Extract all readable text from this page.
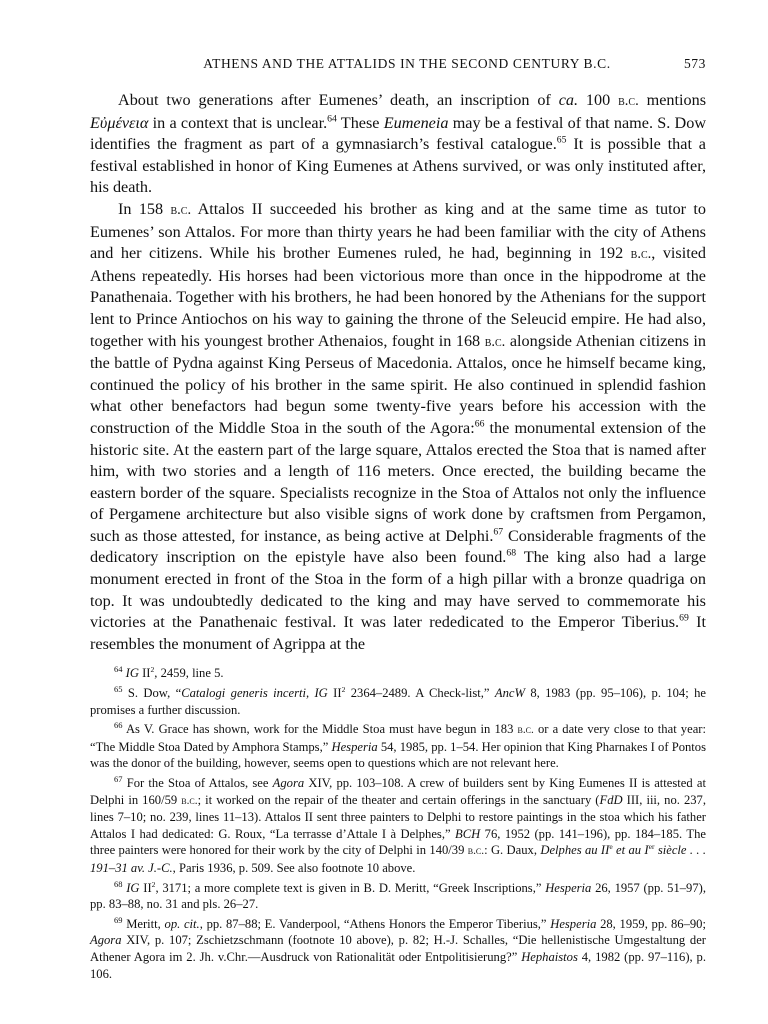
ATHENS AND THE ATTALIDS IN THE SECOND CENTURY B.C.	573

About two generations after Eumenes’ death, an inscription of ca. 100 b.c. mentions Εὐμένεια in a context that is unclear.$^{64}$ These Eumeneia may be a festival of that name. S. Dow identifies the fragment as part of a gymnasiarch’s festival catalogue.$^{65}$ It is possible that a festival established in honor of King Eumenes at Athens survived, or was only instituted after, his death.

In 158 b.c. Attalos II succeeded his brother as king and at the same time as tutor to Eumenes’ son Attalos. For more than thirty years he had been familiar with the city of Athens and her citizens. While his brother Eumenes ruled, he had, beginning in 192 b.c., visited Athens repeatedly. His horses had been victorious more than once in the hippodrome at the Panathenaia. Together with his brothers, he had been honored by the Athenians for the support lent to Prince Antiochos on his way to gaining the throne of the Seleucid empire. He had also, together with his youngest brother Athenaios, fought in 168 b.c. alongside Athenian citizens in the battle of Pydna against King Perseus of Macedonia. Attalos, once he himself became king, continued the policy of his brother in the same spirit. He also continued in splendid fashion what other benefactors had begun some twenty-five years before his accession with the construction of the Middle Stoa in the south of the Agora:$^{66}$ the monumental extension of the historic site. At the eastern part of the large square, Attalos erected the Stoa that is named after him, with two stories and a length of 116 meters. Once erected, the building became the eastern border of the square. Specialists recognize in the Stoa of Attalos not only the influence of Pergamene architecture but also visible signs of work done by craftsmen from Pergamon, such as those attested, for instance, as being active at Delphi.$^{67}$ Considerable fragments of the dedicatory inscription on the epistyle have also been found.$^{68}$ The king also had a large monument erected in front of the Stoa in the form of a high pillar with a bronze quadriga on top. It was undoubtedly dedicated to the king and may have served to commemorate his victories at the Panathenaic festival. It was later rededicated to the Emperor Tiberius.$^{69}$ It resembles the monument of Agrippa at the

$^{64}$ IG $II^2$, 2459, line 5.

$^{65}$ S. Dow, “Catalogi generis incerti, IG $II^2$ 2364–2489. A Check-list,” AncW 8, 1983 (pp. 95–106), p. 104; he promises a further discussion.

$^{66}$ As V. Grace has shown, work for the Middle Stoa must have begun in 183 b.c. or a date very close to that year: “The Middle Stoa Dated by Amphora Stamps,” Hesperia 54, 1985, pp. 1–54. Her opinion that King Pharnakes I of Pontos was the donor of the building, however, seems open to questions which are not relevant here.

$^{67}$ For the Stoa of Attalos, see Agora XIV, pp. 103–108. A crew of builders sent by King Eumenes II is attested at Delphi in 160/59 b.c.; it worked on the repair of the theater and certain offerings in the sanctuary (FdD III, iii, no. 237, lines 7–10; no. 239, lines 11–13). Attalos II sent three painters to Delphi to restore paintings in the stoa which his father Attalos I had dedicated: G. Roux, “La terrasse d’Attale I à Delphes,” BCH 76, 1952 (pp. 141–196), pp. 184–185. The three painters were honored for their work by the city of Delphi in 140/39 b.c.: G. Daux, Delphes au IIe et au Ier siècle . . . 191–31 av. J.-C., Paris 1936, p. 509. See also footnote 10 above.

$^{68}$ IG $II^2$, 3171; a more complete text is given in B. D. Meritt, “Greek Inscriptions,” Hesperia 26, 1957 (pp. 51–97), pp. 83–88, no. 31 and pls. 26–27.

$^{69}$ Meritt, op. cit., pp. 87–88; E. Vanderpool, “Athens Honors the Emperor Tiberius,” Hesperia 28, 1959, pp. 86–90; Agora XIV, p. 107; Zschietzschmann (footnote 10 above), p. 82; H.-J. Schalles, “Die hellenistische Umgestaltung der Athener Agora im 2. Jh. v.Chr.—Ausdruck von Rationalität oder Entpolitisierung?” Hephaistos 4, 1982 (pp. 97–116), p. 106.
